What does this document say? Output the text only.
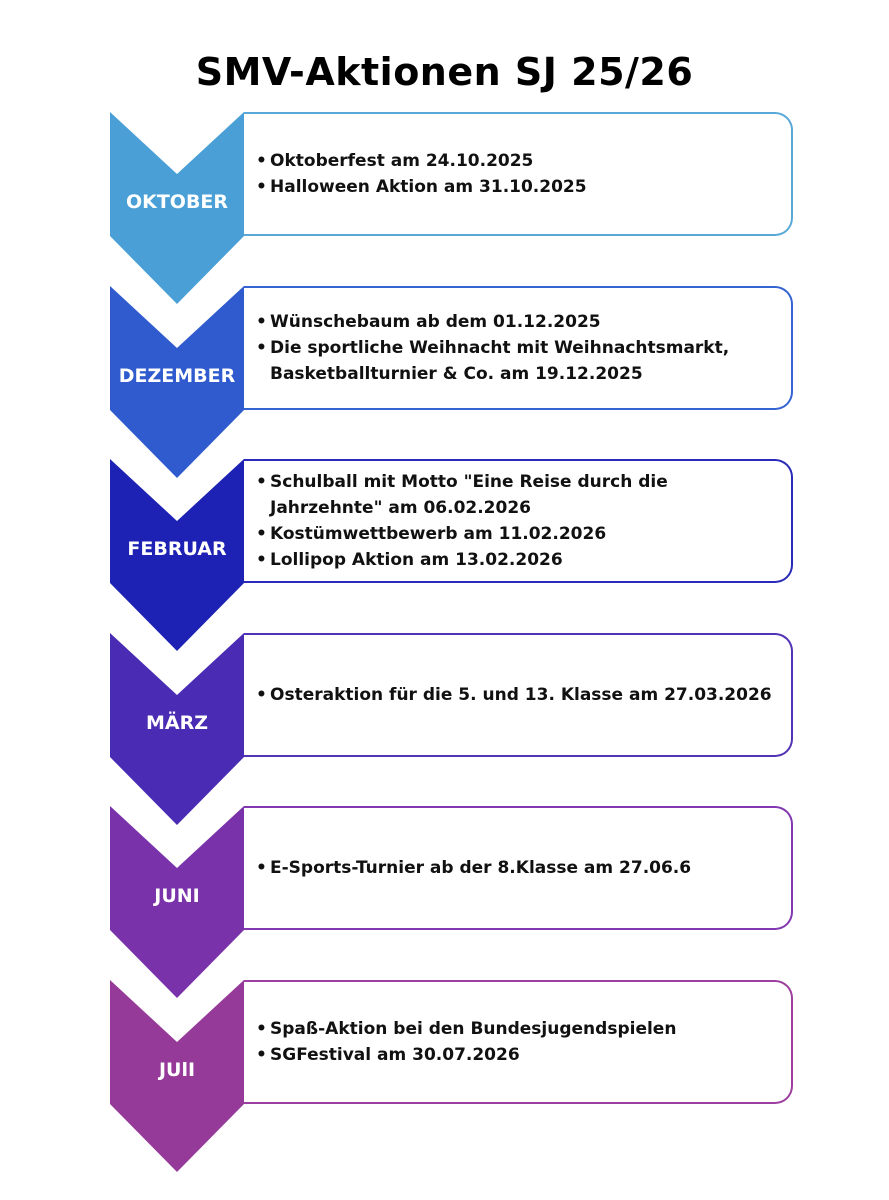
SMV-Aktionen SJ 25/26
OKTOBER
• Oktoberfest am 24.10.2025
• Halloween Aktion am 31.10.2025
DEZEMBER
• Wünschebaum ab dem 01.12.2025
• Die sportliche Weihnacht mit Weihnachtsmarkt, Basketballturnier & Co. am 19.12.2025
FEBRUAR
• Schulball mit Motto "Eine Reise durch die Jahrzehnte" am 06.02.2026
• Kostümwettbewerb am 11.02.2026
• Lollipop Aktion am 13.02.2026
MÄRZ
• Osteraktion für die 5. und 13. Klasse am 27.03.2026
JUNI
• E-Sports-Turnier ab der 8.Klasse am 27.06.6
JUlI
• Spaß-Aktion bei den Bundesjugendspielen
• SGFestival am 30.07.2026
